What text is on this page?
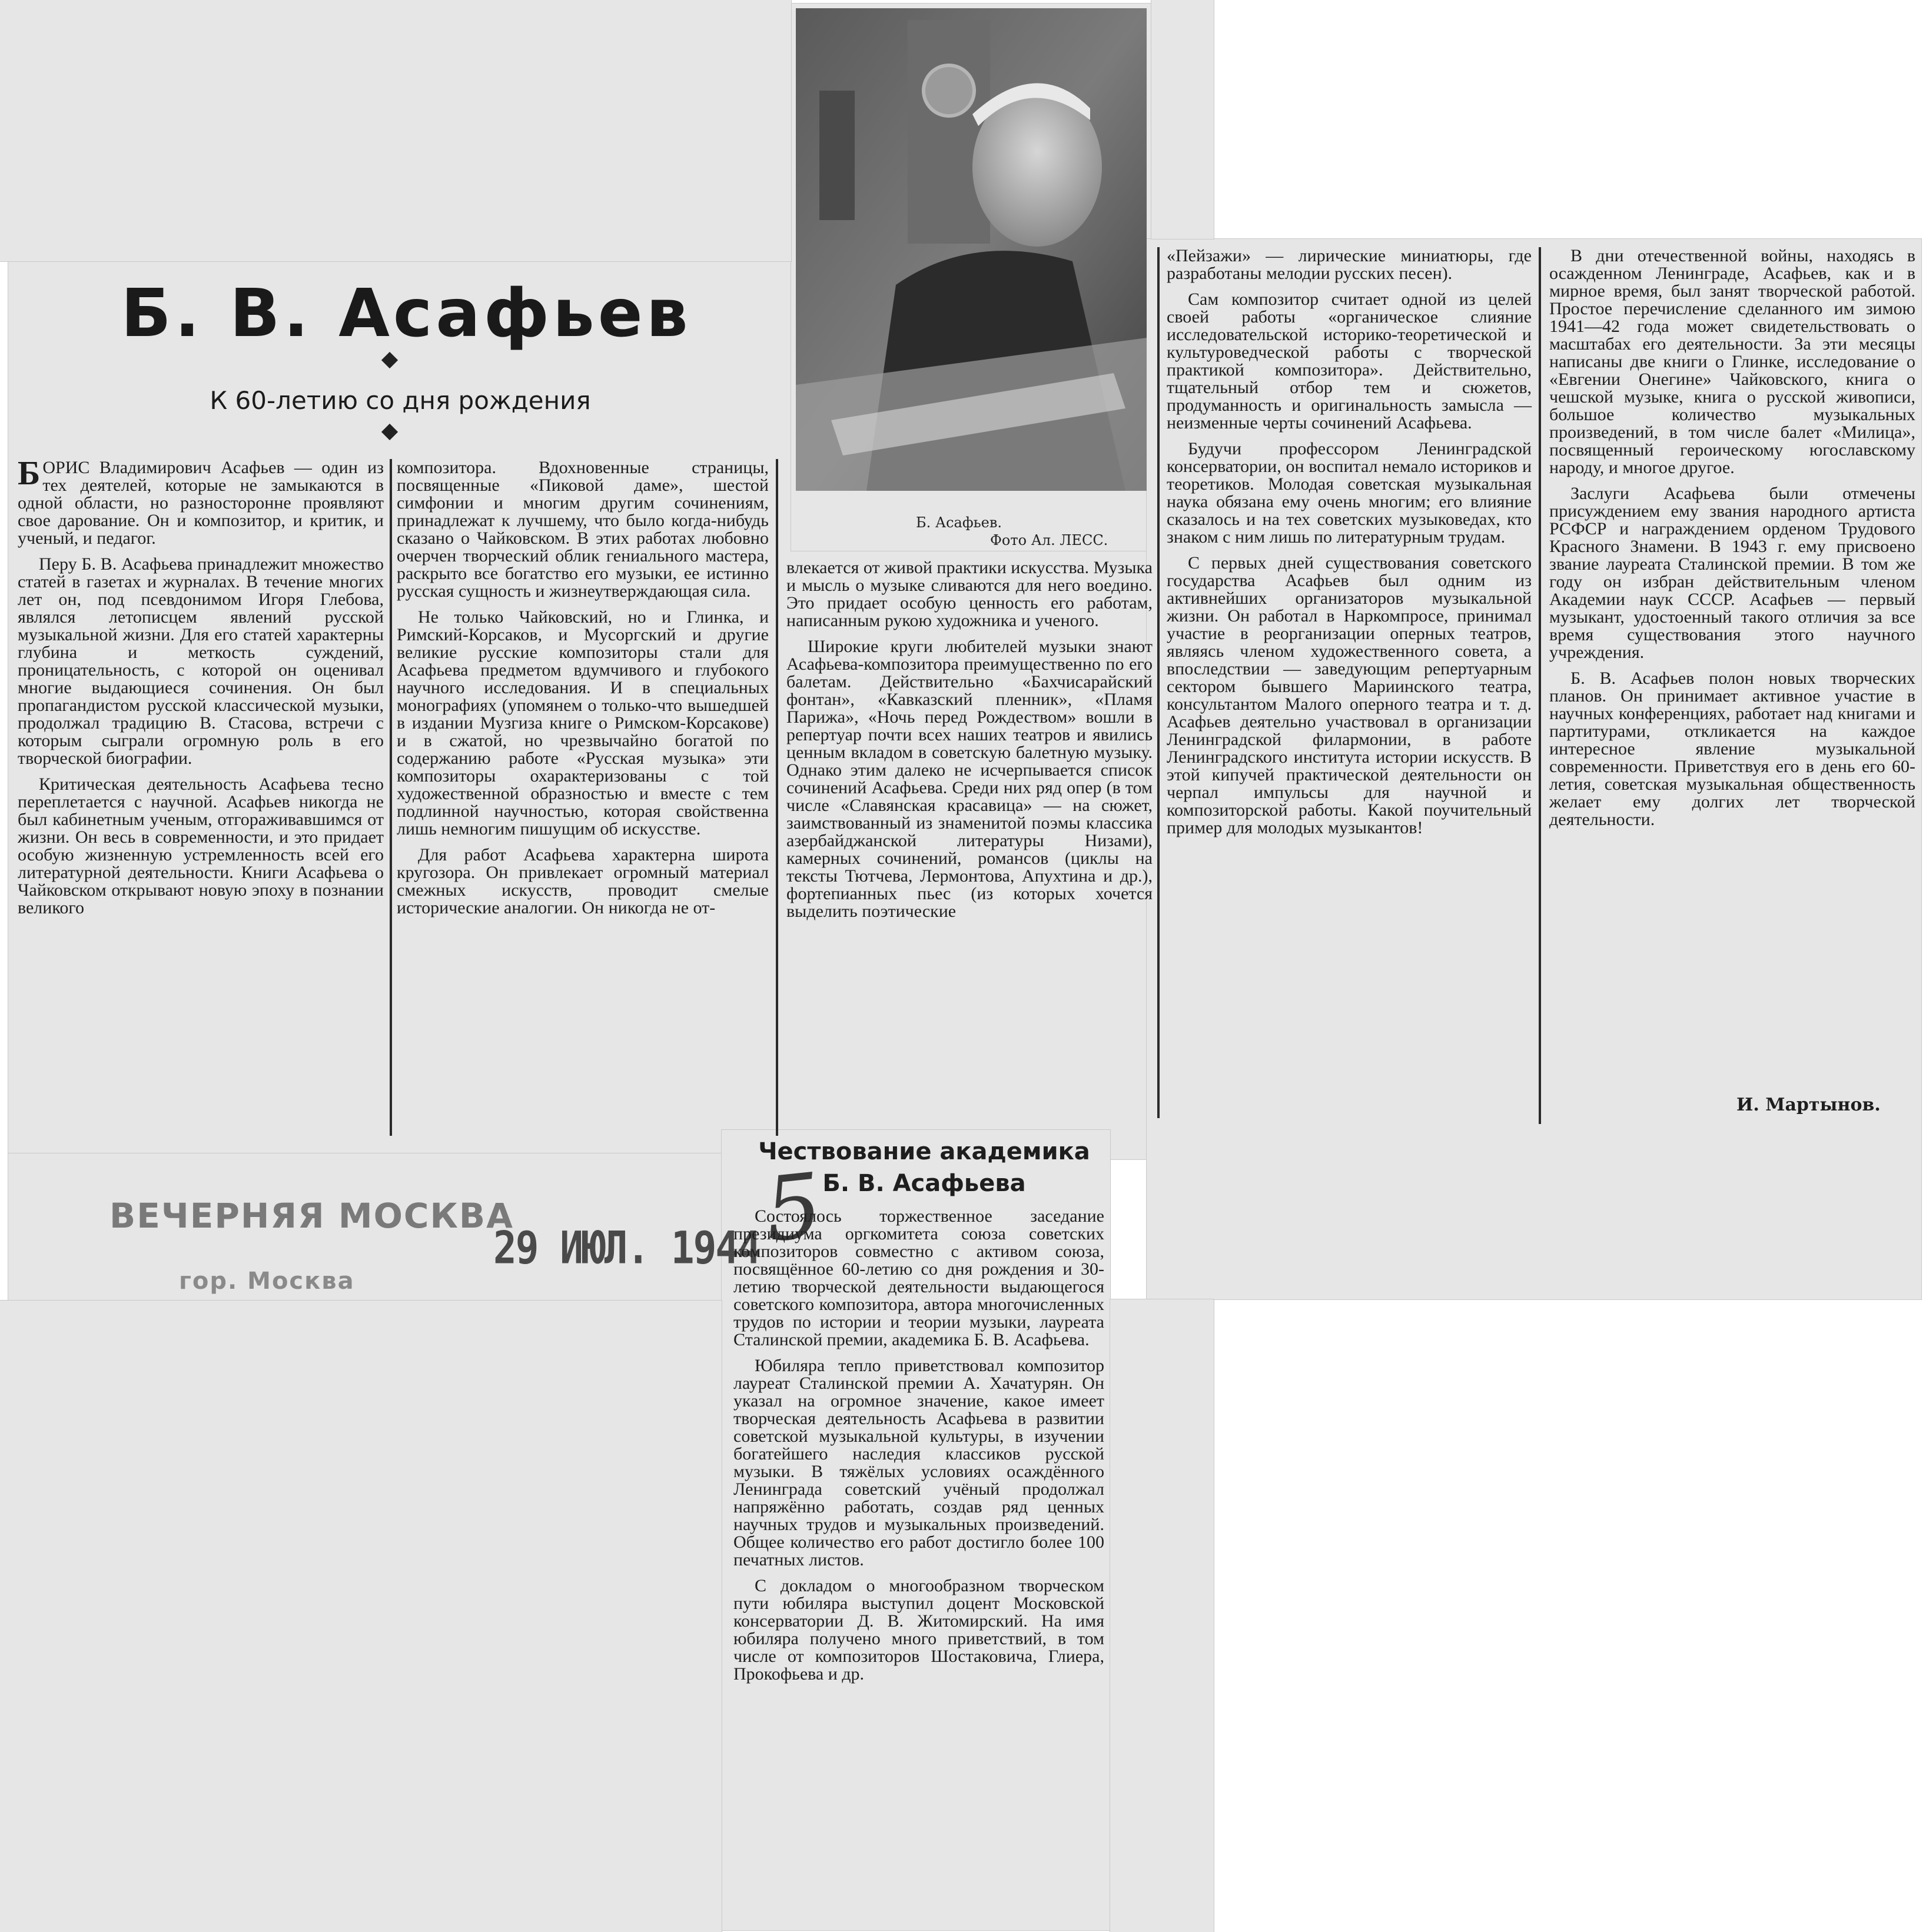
Б. В. Асафьев
К 60-летию со дня рождения
Б. Асафьев.
Фото Ал. ЛЕСС.

БОРИС Владимирович Асафьев — один из тех деятелей, которые не замыкаются в одной области, но разносторонне проявляют свое дарование. Он и композитор, и критик, и ученый, и педагог.

Перу Б. В. Асафьева принадлежит множество статей в газетах и журналах. В течение многих лет он, под псевдонимом Игоря Глебова, являлся летописцем явлений русской музыкальной жизни. Для его статей характерны глубина и меткость суждений, проницательность, с которой он оценивал многие выдающиеся сочинения. Он был пропагандистом русской классической музыки, продолжал традицию В. Стасова, встречи с которым сыграли огромную роль в его творческой биографии.

Критическая деятельность Асафьева тесно переплетается с научной. Асафьев никогда не был кабинетным ученым, отгораживавшимся от жизни. Он весь в современности, и это придает особую жизненную устремленность всей его литературной деятельности. Книги Асафьева о Чайковском открывают новую эпоху в познании великого

композитора. Вдохновенные страницы, посвященные «Пиковой даме», шестой симфонии и многим другим сочинениям, принадлежат к лучшему, что было когда-нибудь сказано о Чайковском. В этих работах любовно очерчен творческий облик гениального мастера, раскрыто все богатство его музыки, ее истинно русская сущность и жизнеутверждающая сила.

Не только Чайковский, но и Глинка, и Римский-Корсаков, и Мусоргский и другие великие русские композиторы стали для Асафьева предметом вдумчивого и глубокого научного исследования. И в специальных монографиях (упомянем о только-что вышедшей в издании Музгиза книге о Римском-Корсакове) и в сжатой, но чрезвычайно богатой по содержанию работе «Русская музыка» эти композиторы охарактеризованы с той художественной образностью и вместе с тем подлинной научностью, которая свойственна лишь немногим пишущим об искусстве.

Для работ Асафьева характерна широта кругозора. Он привлекает огромный материал смежных искусств, проводит смелые исторические аналогии. Он никогда не от-

влекается от живой практики искусства. Музыка и мысль о музыке сливаются для него воедино. Это придает особую ценность его работам, написанным рукою художника и ученого.

Широкие круги любителей музыки знают Асафьева-композитора преимущественно по его балетам. Действительно «Бахчисарайский фонтан», «Кавказский пленник», «Пламя Парижа», «Ночь перед Рождеством» вошли в репертуар почти всех наших театров и явились ценным вкладом в советскую балетную музыку. Однако этим далеко не исчерпывается список сочинений Асафьева. Среди них ряд опер (в том числе «Славянская красавица» — на сюжет, заимствованный из знаменитой поэмы классика азербайджанской литературы Низами), камерных сочинений, романсов (циклы на тексты Тютчева, Лермонтова, Апухтина и др.), фортепианных пьес (из которых хочется выделить поэтические

«Пейзажи» — лирические миниатюры, где разработаны мелодии русских песен).

Сам композитор считает одной из целей своей работы «органическое слияние исследовательской историко-теоретической и культуроведческой работы с творческой практикой композитора». Действительно, тщательный отбор тем и сюжетов, продуманность и оригинальность замысла — неизменные черты сочинений Асафьева.

Будучи профессором Ленинградской консерватории, он воспитал немало историков и теоретиков. Молодая советская музыкальная наука обязана ему очень многим; его влияние сказалось и на тех советских музыковедах, кто знаком с ним лишь по литературным трудам.

С первых дней существования советского государства Асафьев был одним из активнейших организаторов музыкальной жизни. Он работал в Наркомпросе, принимал участие в реорганизации оперных театров, являясь членом художественного совета, а впоследствии — заведующим репертуарным сектором бывшего Мариинского театра, консультантом Малого оперного театра и т. д. Асафьев деятельно участвовал в организации Ленинградской филармонии, в работе Ленинградского института истории искусств. В этой кипучей практической деятельности он черпал импульсы для научной и композиторской работы. Какой поучительный пример для молодых музыкантов!

В дни отечественной войны, находясь в осажденном Ленинграде, Асафьев, как и в мирное время, был занят творческой работой. Простое перечисление сделанного им зимою 1941—42 года может свидетельствовать о масштабах его деятельности. За эти месяцы написаны две книги о Глинке, исследование о «Евгении Онегине» Чайковского, книга о чешской музыке, книга о русской живописи, большое количество музыкальных произведений, в том числе балет «Милица», посвященный героическому югославскому народу, и многое другое.

Заслуги Асафьева были отмечены присуждением ему звания народного артиста РСФСР и награждением орденом Трудового Красного Знамени. В 1943 г. ему присвоено звание лауреата Сталинской премии. В том же году он избран действительным членом Академии наук СССР. Асафьев — первый музыкант, удостоенный такого отличия за все время существования этого научного учреждения.

Б. В. Асафьев полон новых творческих планов. Он принимает активное участие в научных конференциях, работает над книгами и партитурами, откликается на каждое интересное явление музыкальной современности. Приветствуя его в день его 60-летия, советская музыкальная общественность желает ему долгих лет творческой деятельности.

И. Мартынов.
ВЕЧЕРНЯЯ МОСКВА
гор. Москва
29 ИЮЛ. 1944 5
Чествование академика
Б. В. Асафьева

Состоялось торжественное заседание президиума оргкомитета союза советских композиторов совместно с активом союза, посвящённое 60-летию со дня рождения и 30-летию творческой деятельности выдающегося советского композитора, автора многочисленных трудов по истории и теории музыки, лауреата Сталинской премии, академика Б. В. Асафьева.

Юбиляра тепло приветствовал композитор лауреат Сталинской премии А. Хачатурян. Он указал на огромное значение, какое имеет творческая деятельность Асафьева в развитии советской музыкальной культуры, в изучении богатейшего наследия классиков русской музыки. В тяжёлых условиях осаждённого Ленинграда советский учёный продолжал напряжённо работать, создав ряд ценных научных трудов и музыкальных произведений. Общее количество его работ достигло более 100 печатных листов.

С докладом о многообразном творческом пути юбиляра выступил доцент Московской консерватории Д. В. Житомирский. На имя юбиляра получено много приветствий, в том числе от композиторов Шостаковича, Глиера, Прокофьева и др.
